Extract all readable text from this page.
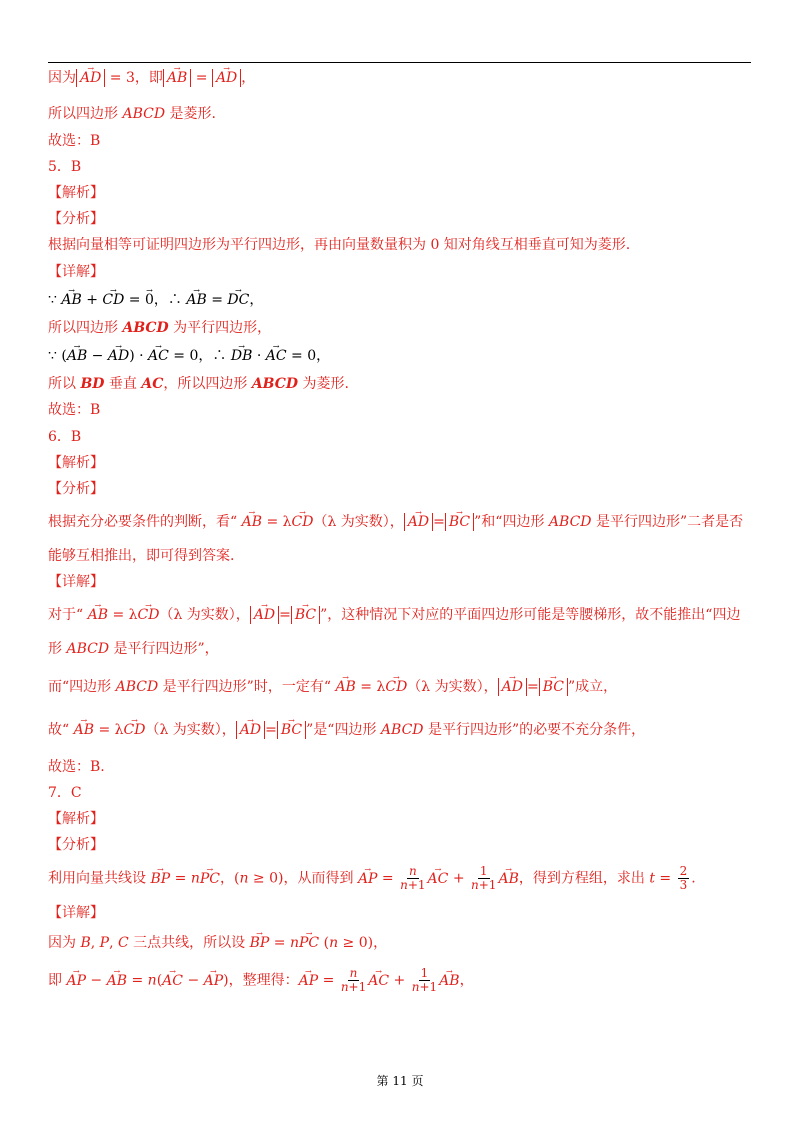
因为 → AD = 3，即 → AB = → AD ，
所以四边形 ABCD 是菱形.
故选：B
5．B
【解析】
【分析】
根据向量相等可证明四边形为平行四边形，再由向量数量积为 0 知对角线互相垂直可知为菱形.
【详解】
∵ → AB + → CD = → 0，∴ → AB = → DC，
所以四边形 ABCD 为平行四边形，
∵ (→ AB − → AD) · → AC = 0，∴ → DB · → AC = 0，
所以 BD 垂直 AC，所以四边形 ABCD 为菱形.
故选：B
6．B
【解析】
【分析】
根据充分必要条件的判断，看“ → AB = λ→ CD（λ 为实数）， → AD = → BC ”和“四边形 ABCD 是平行四边形”二者是否
能够互相推出，即可得到答案.
【详解】
对于“ → AB = λ→ CD（λ 为实数）， → AD = → BC ”，这种情况下对应的平面四边形可能是等腰梯形，故不能推出“四边
形 ABCD 是平行四边形”，
而“四边形 ABCD 是平行四边形”时，一定有“ → AB = λ→ CD（λ 为实数）， → AD = → BC ”成立，
故“ → AB = λ→ CD（λ 为实数）， → AD = → BC ”是“四边形 ABCD 是平行四边形”的必要不充分条件，
故选：B.
7．C
【解析】
【分析】
利用向量共线设 → BP = n→ PC，(n ≥ 0)，从而得到 → AP = $\frac{n}{n+1}$ → AC + $\frac{1}{n+1}$ → AB，得到方程组，求出 $t = \frac{2}{3}$ .
【详解】
因为 B, P, C 三点共线，所以设 → BP = n→ PC (n ≥ 0)，
即 → AP − → AB = n(→ AC − → AP)，整理得：→ AP = $\frac{n}{n+1}$ → AC + $\frac{1}{n+1}$ → AB，
第 11 页
